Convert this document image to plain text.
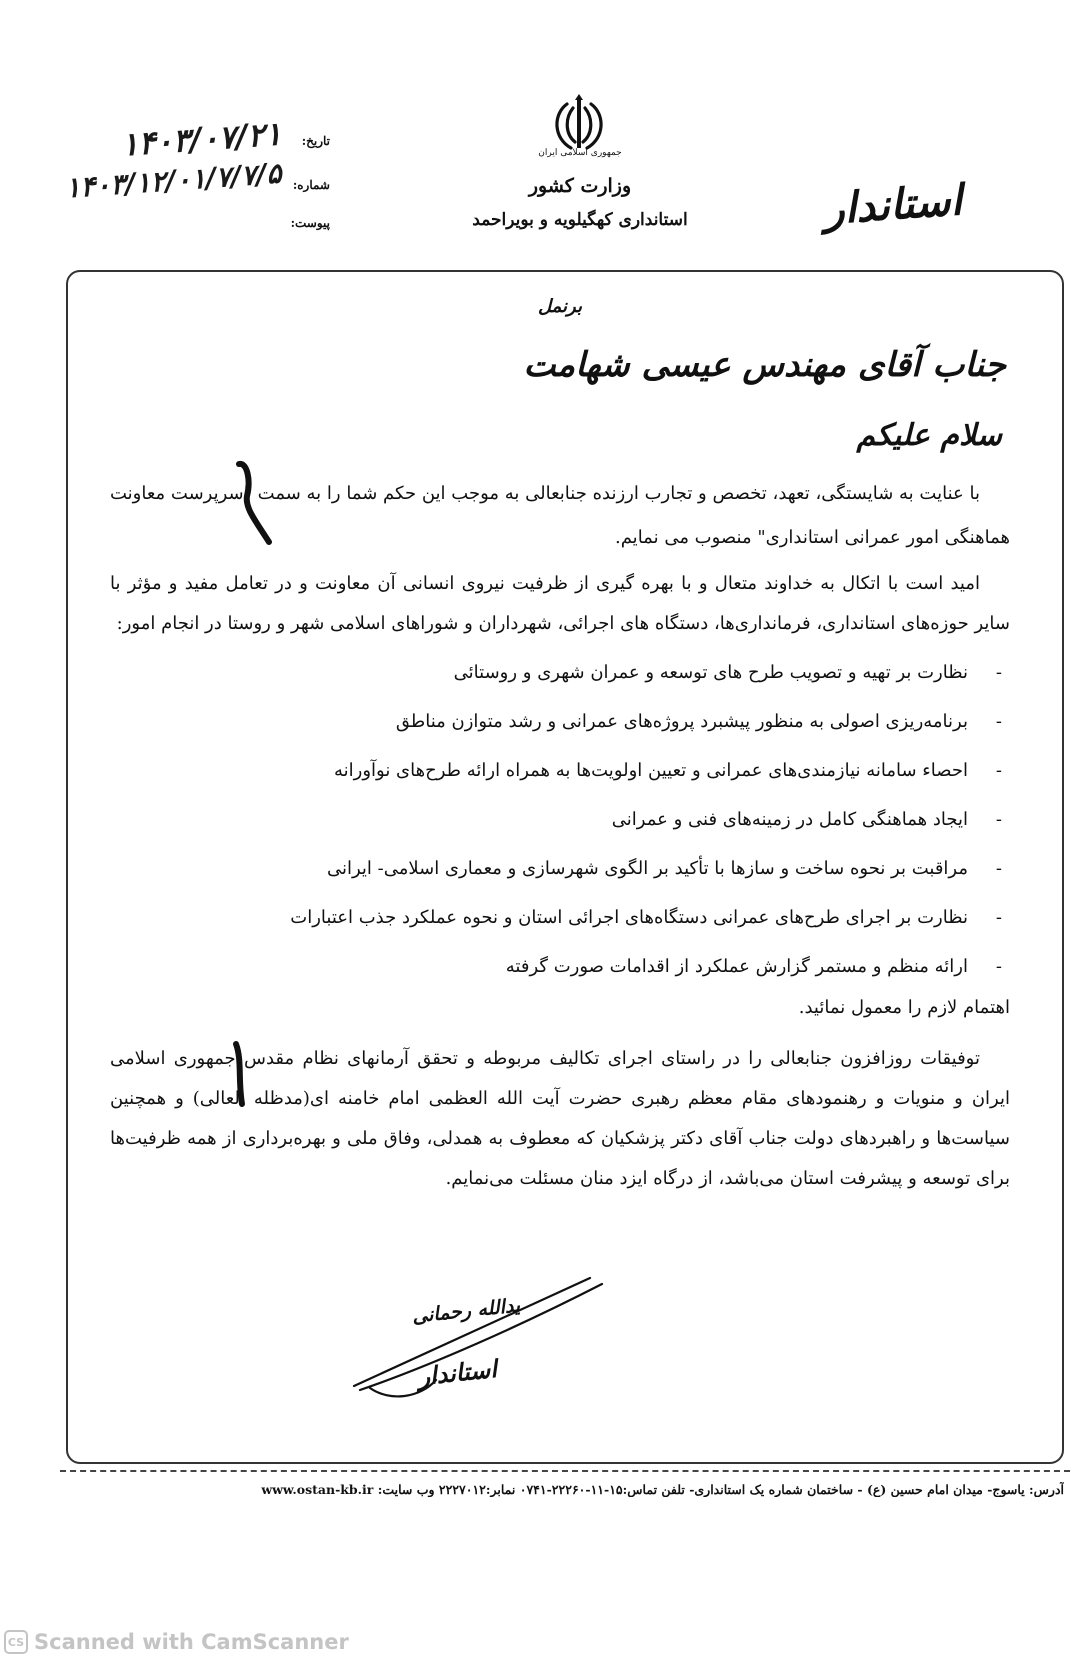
جمهوری اسلامی ایران
وزارت کشور
استانداری کهگیلویه و بویراحمد	استاندار
تاریخ:
۱۴۰۳/۰۷/۲۱
شماره:
۱۴۰۳/۱۲/۰۱/۷/۷/۵
پیوست:
برنمل
جناب آقای مهندس عیسی شهامت
سلام علیکم

با عنایت به شایستگی، تعهد، تخصص و تجارب ارزنده جنابعالی به موجب این حکم شما را به سمت "سرپرست معاونت هماهنگی امور عمرانی استانداری" منصوب می نمایم.

امید است با اتکال به خداوند متعال و با بهره گیری از ظرفیت نیروی انسانی آن معاونت و در تعامل مفید و مؤثر با سایر حوزه‌های استانداری، فرمانداری‌ها، دستگاه های اجرائی، شهرداران و شوراهای اسلامی شهر و روستا در انجام امور:

- نظارت بر تهیه و تصویب طرح های توسعه و عمران شهری و روستائی
- برنامه‌ریزی اصولی به منظور پیشبرد پروژه‌های عمرانی و رشد متوازن مناطق
- احصاء سامانه نیازمندی‌های عمرانی و تعیین اولویت‌ها به همراه ارائه طرح‌های نوآورانه
- ایجاد هماهنگی کامل در زمینه‌های فنی و عمرانی
- مراقبت بر نحوه ساخت و سازها با تأکید بر الگوی شهرسازی و معماری اسلامی- ایرانی
- نظارت بر اجرای طرح‌های عمرانی دستگاه‌های اجرائی استان و نحوه عملکرد جذب اعتبارات
- ارائه منظم و مستمر گزارش عملکرد از اقدامات صورت گرفته

اهتمام لازم را معمول نمائید.

توفیقات روزافزون جنابعالی را در راستای اجرای تکالیف مربوطه و تحقق آرمانهای نظام مقدس جمهوری اسلامی ایران و منویات و رهنمودهای مقام معظم رهبری حضرت آیت الله العظمی امام خامنه ای(مدظله العالی) و همچنین سیاست‌ها و راهبردهای دولت جناب آقای دکتر پزشکیان که معطوف به همدلی، وفاق ملی و بهره‌برداری از همه ظرفیت‌ها برای توسعه و پیشرفت استان می‌باشد، از درگاه ایزد منان مسئلت می‌نمایم.

یدالله رحمانی
استاندار
آدرس: یاسوج- میدان امام حسین (ع) - ساختمان شماره یک استانداری- تلفن تماس:۱۵-۱۱-۲۲۲۶۰-۰۷۴۱ نمابر:۲۲۲۷۰۱۲ وب سایت: www.ostan-kb.ir
CS Scanned with CamScanner
